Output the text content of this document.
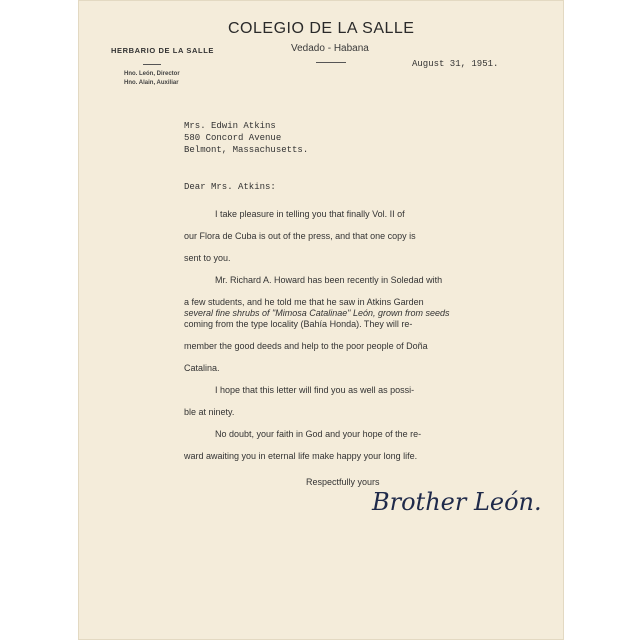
COLEGIO DE LA SALLE
Vedado - Habana
HERBARIO DE LA SALLE
Hno. León, Director
Hno. Alain, Auxiliar
August 31, 1951.
Mrs. Edwin Atkins
580 Concord Avenue
Belmont, Massachusetts.
Dear Mrs. Atkins:
I take pleasure in telling you that finally Vol. II of
our Flora de Cuba is out of the press, and that one copy is
sent to you.
Mr. Richard A. Howard has been recently in Soledad with
a few students, and he told me that he saw in Atkins Garden
several fine shrubs of "Mimosa Catalinae" León, grown from seeds
coming from the type locality (Bahía Honda). They will re-
member the good deeds and help to the poor people of Doña
Catalina.
I hope that this letter will find you as well as possi-
ble at ninety.
No doubt, your faith in God and your hope of the re-
ward awaiting you in eternal life make happy your long life.
Respectfully yours
Brother León.
